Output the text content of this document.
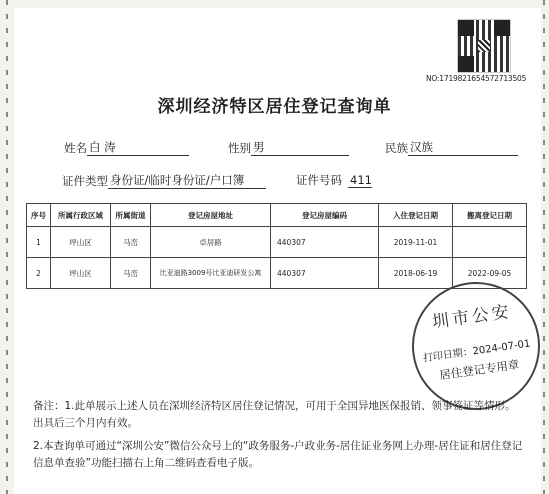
NO:1719821654572713505
深圳经济特区居住登记查询单
姓名 白 涛	性别 男	民族 汉族
证件类型 身份证/临时身份证/户口簿	证件号码 411
序号	所属行政区域	所属街道	登记房屋地址	登记房屋编码	入住登记日期	搬离登记日期
1	坪山区	马峦	卓居路	440307	2019-11-01	
2	坪山区	马峦	比亚迪路3009号比亚迪研发公寓	440307	2018-06-19	2022-09-05
圳市公安
打印日期：2024-07-01
居住登记专用章
备注：1.此单展示上述人员在深圳经济特区居住登记情况，可用于全国异地医保报销、领事签证等情形。出具后三个月内有效。
2.本查询单可通过“深圳公安”微信公众号上的“政务服务-户政业务-居住证业务网上办理-居住证和居住登记信息单查验”功能扫描右上角二维码查看电子版。
